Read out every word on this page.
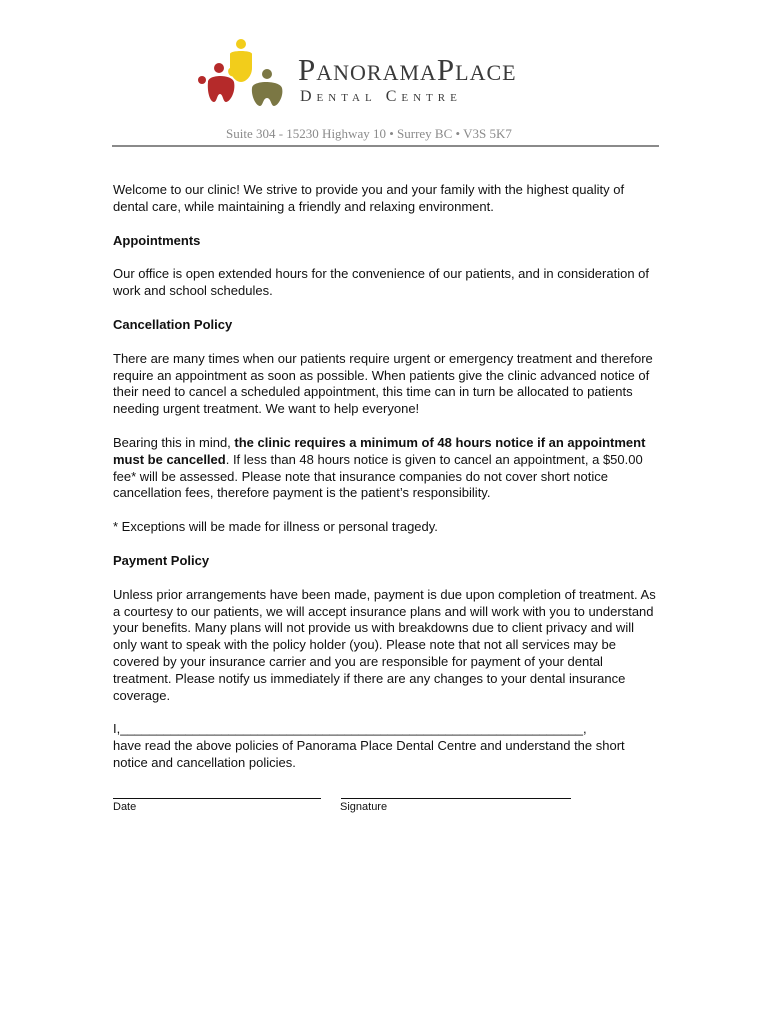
PanoramaPlace
Dental Centre
Suite 304 - 15230 Highway 10 • Surrey BC • V3S 5K7

Welcome to our clinic! We strive to provide you and your family with the highest quality of dental care, while maintaining a friendly and relaxing environment.

Appointments

Our office is open extended hours for the convenience of our patients, and in consideration of work and school schedules.

Cancellation Policy

There are many times when our patients require urgent or emergency treatment and therefore require an appointment as soon as possible. When patients give the clinic advanced notice of their need to cancel a scheduled appointment, this time can in turn be allocated to patients needing urgent treatment. We want to help everyone!

Bearing this in mind, the clinic requires a minimum of 48 hours notice if an appointment must be cancelled. If less than 48 hours notice is given to cancel an appointment, a $50.00 fee* will be assessed. Please note that insurance companies do not cover short notice cancellation fees, therefore payment is the patient’s responsibility.

* Exceptions will be made for illness or personal tragedy.

Payment Policy

Unless prior arrangements have been made, payment is due upon completion of treatment. As a courtesy to our patients, we will accept insurance plans and will work with you to understand your benefits. Many plans will not provide us with breakdowns due to client privacy and will only want to speak with the policy holder (you). Please note that not all services may be covered by your insurance carrier and you are responsible for payment of your dental treatment. Please notify us immediately if there are any changes to your dental insurance coverage.

I,________________________________________________________________,

have read the above policies of Panorama Place Dental Centre and understand the short notice and cancellation policies.

Date	Signature
